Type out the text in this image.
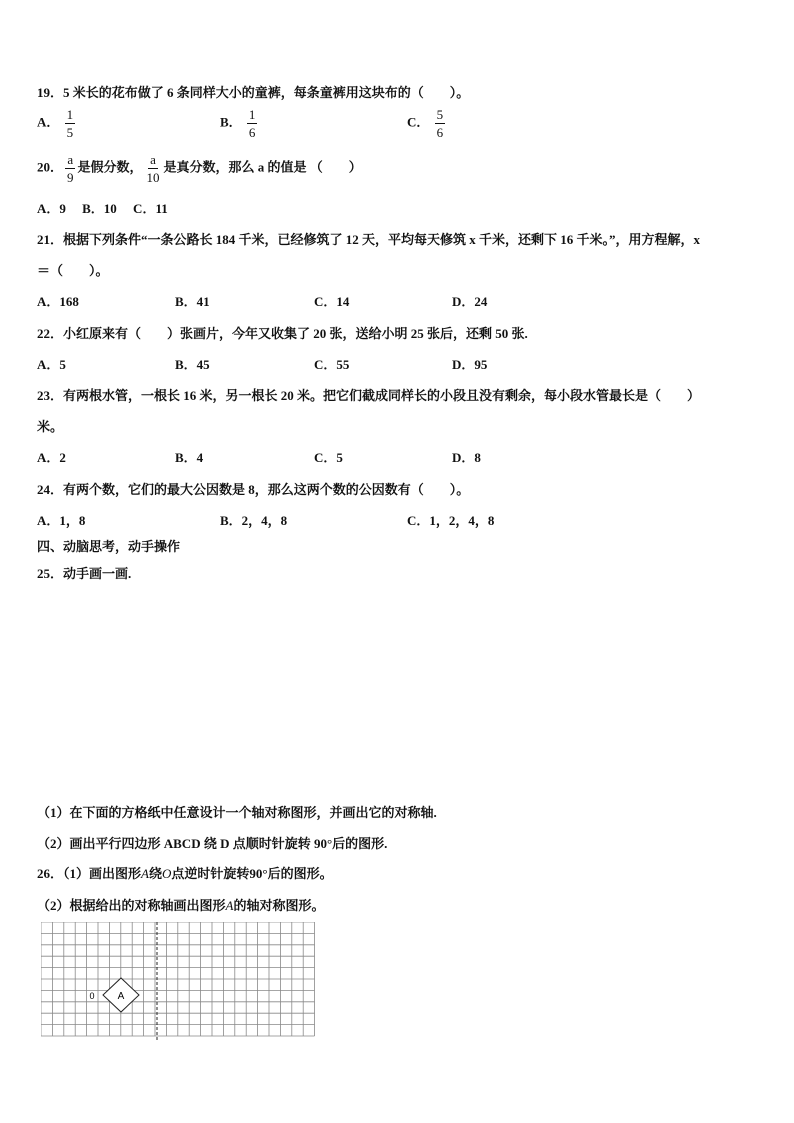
19．5 米长的花布做了 6 条同样大小的童裤，每条童裤用这块布的（　　）。
A． $\frac{1}{5}$	B． $\frac{1}{6}$	C． $\frac{5}{6}$
20． $\frac{a}{9}$ 是假分数， $\frac{a}{10}$ 是真分数，那么 a 的值是 （　　）
A．9　 B．10　 C．11
21．根据下列条件“一条公路长 184 千米，已经修筑了 12 天，平均每天修筑 x 千米，还剩下 16 千米。”，用方程解，x
＝（　　）。
A．168	B．41	C．14	D．24
22．小红原来有（　　）张画片，今年又收集了 20 张，送给小明 25 张后，还剩 50 张.
A．5	B．45	C．55	D．95
23．有两根水管，一根长 16 米，另一根长 20 米。把它们截成同样长的小段且没有剩余，每小段水管最长是（　　）
米。
A．2	B．4	C．5	D．8
24．有两个数，它们的最大公因数是 8，那么这两个数的公因数有（　　）。
A．1，8	B．2，4，8	C．1，2，4，8
四、动脑思考，动手操作
25．动手画一画.
（1）在下面的方格纸中任意设计一个轴对称图形，并画出它的对称轴.
（2）画出平行四边形 ABCD 绕 D 点顺时针旋转 90°后的图形.
26．（1）画出图形A绕O点逆时针旋转90°后的图形。
（2）根据给出的对称轴画出图形A的轴对称图形。
A
0
